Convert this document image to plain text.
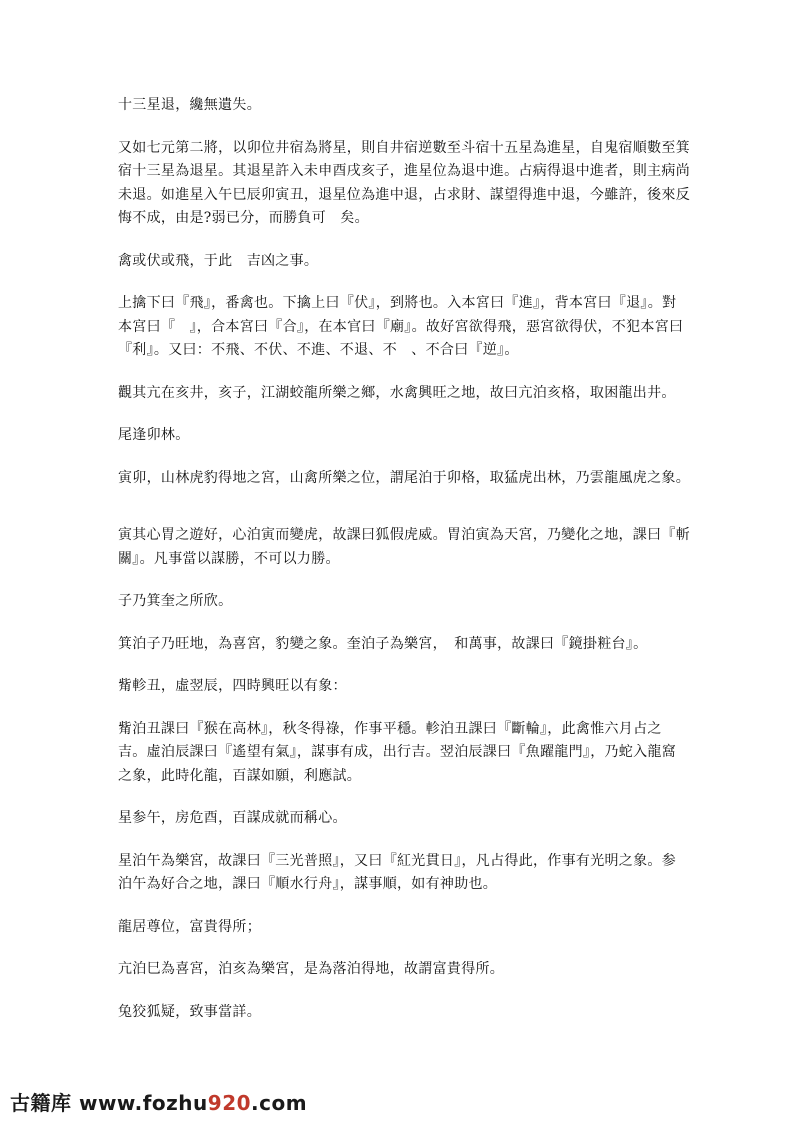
十三星退，纔無遺失。

又如七元第二將，以卯位井宿為將星，則自井宿逆數至斗宿十五星為進星，自鬼宿順數至箕宿十三星為退星。其退星許入未申酉戌亥子，進星位為退中進。占病得退中進者，則主病尚未退。如進星入午巳辰卯寅丑，退星位為進中退，占求財、謀望得進中退，今雖許，後來反悔不成，由是?弱已分，而勝負可　矣。

禽或伏或飛，于此　吉凶之事。

上擒下曰『飛』，番禽也。下擒上曰『伏』，到將也。入本宮曰『進』，背本宮曰『退』。對本宮曰『　』，合本宮曰『合』，在本官曰『廟』。故好宮欲得飛，惡宮欲得伏，不犯本宮曰『利』。又曰：不飛、不伏、不進、不退、不　、不合曰『逆』。

觀其亢在亥井，亥子，江湖蛟龍所樂之鄉，水禽興旺之地，故曰亢泊亥格，取困龍出井。

尾逢卯林。

寅卯，山林虎豹得地之宮，山禽所樂之位，謂尾泊于卯格，取猛虎出林，乃雲龍風虎之象。

寅其心胃之遊好，心泊寅而變虎，故課曰狐假虎威。胃泊寅為天宮，乃變化之地，課曰『斬關』。凡事當以謀勝，不可以力勝。

子乃箕奎之所欣。

箕泊子乃旺地，為喜宮，豹變之象。奎泊子為樂宮，　和萬事，故課曰『鏡掛粧台』。

觜軫丑，虛翌辰，四時興旺以有象：

觜泊丑課曰『猴在高林』，秋冬得祿，作事平穩。軫泊丑課曰『斷輪』，此禽惟六月占之吉。虛泊辰課曰『遙望有氣』，謀事有成，出行吉。翌泊辰課曰『魚躍龍門』，乃蛇入龍窩之象，此時化龍，百謀如願，利應試。

星参午，房危酉，百謀成就而稱心。

星泊午為樂宮，故課曰『三光普照』，又曰『紅光貫日』，凡占得此，作事有光明之象。参泊午為好合之地，課曰『順水行舟』，謀事順，如有神助也。

龍居尊位，富貴得所；

亢泊巳為喜宮，泊亥為樂宮，是為落泊得地，故謂富貴得所。

兔狡狐疑，致事當詳。

古籍库 www.fozhu920.com
